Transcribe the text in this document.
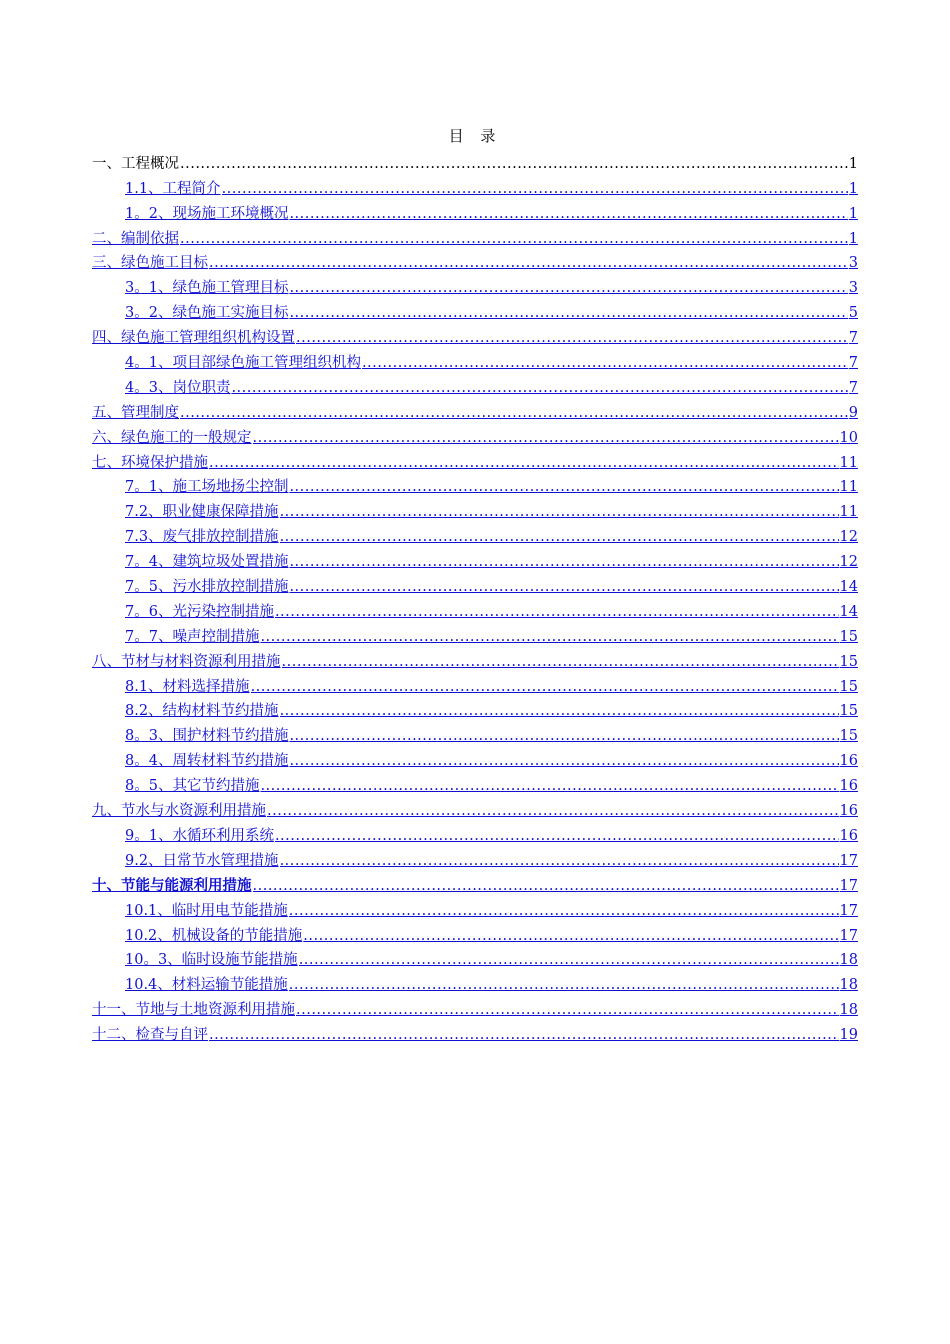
目 录
一、工程概况 .....	1
1.1、工程简介 .....	1
1。2、现场施工环境概况 .....	1
二、编制依据 .....	1
三、绿色施工目标 .....	3
3。1、绿色施工管理目标 .....	3
3。2、绿色施工实施目标 .....	5
四、绿色施工管理组织机构设置 .....	7
4。1、项目部绿色施工管理组织机构 .....	7
4。3、岗位职责 .....	7
五、管理制度 .....	9
六、绿色施工的一般规定 .....	10
七、环境保护措施 .....	11
7。1、施工场地扬尘控制 .....	11
7.2、职业健康保障措施 .....	11
7.3、废气排放控制措施 .....	12
7。4、建筑垃圾处置措施 .....	12
7。5、污水排放控制措施 .....	14
7。6、光污染控制措施 .....	14
7。7、噪声控制措施 .....	15
八、节材与材料资源利用措施 .....	15
8.1、材料选择措施 .....	15
8.2、结构材料节约措施 .....	15
8。3、围护材料节约措施 .....	15
8。4、周转材料节约措施 .....	16
8。5、其它节约措施 .....	16
九、节水与水资源利用措施 .....	16
9。1、水循环利用系统 .....	16
9.2、日常节水管理措施 .....	17
十、节能与能源利用措施 .....	17
10.1、临时用电节能措施 .....	17
10.2、机械设备的节能措施 .....	17
10。3、临时设施节能措施 .....	18
10.4、材料运输节能措施 .....	18
十一、节地与土地资源利用措施 .....	18
十二、检查与自评 .....	19
